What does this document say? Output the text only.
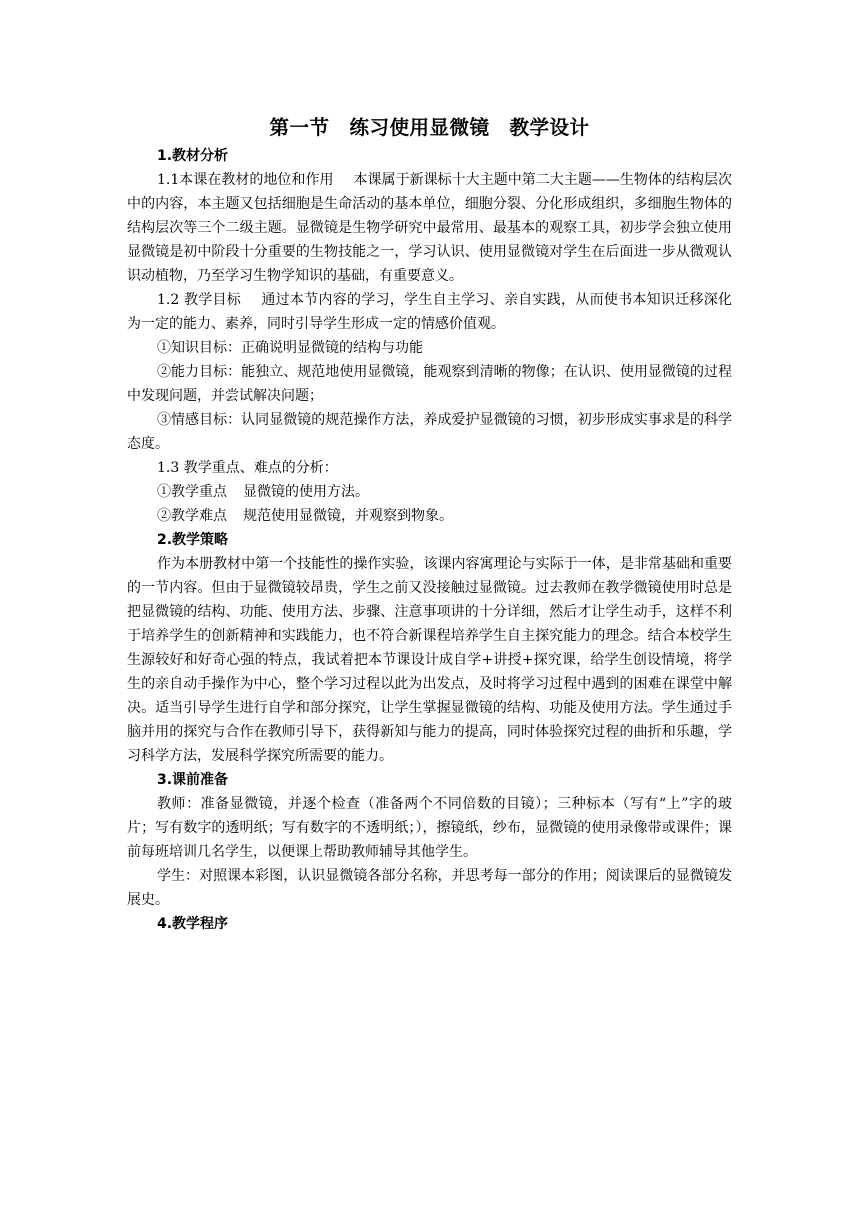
第一节　练习使用显微镜　教学设计

1.教材分析

1.1本课在教材的地位和作用 本课属于新课标十大主题中第二大主题——生物体的结构层次中的内容，本主题又包括细胞是生命活动的基本单位，细胞分裂、分化形成组织，多细胞生物体的结构层次等三个二级主题。显微镜是生物学研究中最常用、最基本的观察工具，初步学会独立使用显微镜是初中阶段十分重要的生物技能之一，学习认识、使用显微镜对学生在后面进一步从微观认识动植物，乃至学习生物学知识的基础，有重要意义。

1.2 教学目标 通过本节内容的学习，学生自主学习、亲自实践，从而使书本知识迁移深化为一定的能力、素养，同时引导学生形成一定的情感价值观。

①知识目标：正确说明显微镜的结构与功能

②能力目标：能独立、规范地使用显微镜，能观察到清晰的物像；在认识、使用显微镜的过程中发现问题，并尝试解决问题；

③情感目标：认同显微镜的规范操作方法，养成爱护显微镜的习惯，初步形成实事求是的科学态度。

1.3 教学重点、难点的分析：

①教学重点 显微镜的使用方法。

②教学难点 规范使用显微镜，并观察到物象。

2.教学策略

作为本册教材中第一个技能性的操作实验，该课内容寓理论与实际于一体，是非常基础和重要的一节内容。但由于显微镜较昂贵，学生之前又没接触过显微镜。过去教师在教学微镜使用时总是把显微镜的结构、功能、使用方法、步骤、注意事项讲的十分详细，然后才让学生动手，这样不利于培养学生的创新精神和实践能力，也不符合新课程培养学生自主探究能力的理念。结合本校学生生源较好和好奇心强的特点，我试着把本节课设计成自学+讲授+探究课，给学生创设情境，将学生的亲自动手操作为中心，整个学习过程以此为出发点，及时将学习过程中遇到的困难在课堂中解决。适当引导学生进行自学和部分探究，让学生掌握显微镜的结构、功能及使用方法。学生通过手脑并用的探究与合作在教师引导下，获得新知与能力的提高，同时体验探究过程的曲折和乐趣，学习科学方法，发展科学探究所需要的能力。

3.课前准备

教师：准备显微镜，并逐个检查（准备两个不同倍数的目镜）；三种标本（写有“上”字的玻片；写有数字的透明纸；写有数字的不透明纸；），擦镜纸，纱布，显微镜的使用录像带或课件；课前每班培训几名学生，以便课上帮助教师辅导其他学生。

学生：对照课本彩图，认识显微镜各部分名称，并思考每一部分的作用；阅读课后的显微镜发展史。

4.教学程序
